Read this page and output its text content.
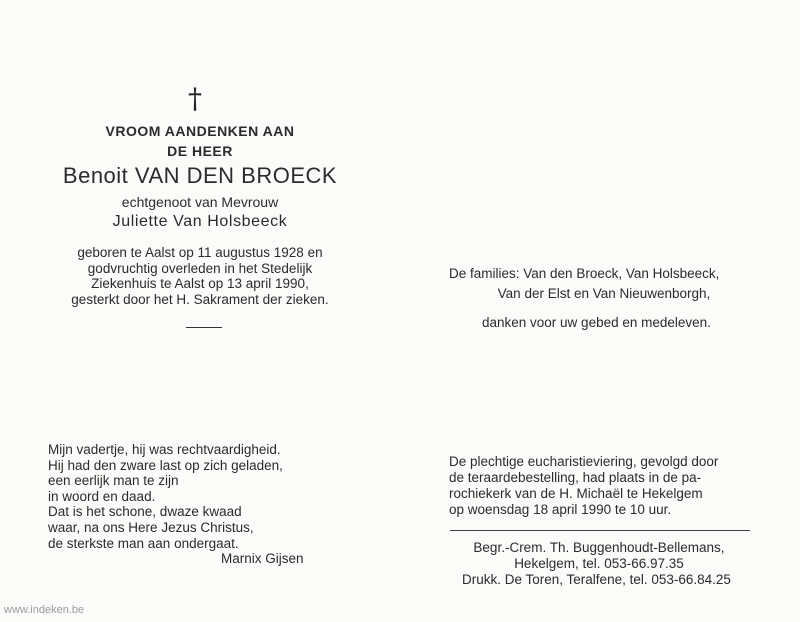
†
VROOM AANDENKEN AAN
DE HEER
Benoit VAN DEN BROECK
echtgenoot van Mevrouw
Juliette Van Holsbeeck
geboren te Aalst op 11 augustus 1928 en
godvruchtig overleden in het Stedelijk
Ziekenhuis te Aalst op 13 april 1990,
gesterkt door het H. Sakrament der zieken.
De families: Van den Broeck, Van Holsbeeck,
Van der Elst en Van Nieuwenborgh,
danken voor uw gebed en medeleven.
Mijn vadertje, hij was rechtvaardigheid.
Hij had den zware last op zich geladen,
een eerlijk man te zijn
in woord en daad.
Dat is het schone, dwaze kwaad
waar, na ons Here Jezus Christus,
de sterkste man aan ondergaat.
Marnix Gijsen
De plechtige eucharistieviering, gevolgd door
de teraardebestelling, had plaats in de pa-
rochiekerk van de H. Michaël te Hekelgem
op woensdag 18 april 1990 te 10 uur.
Begr.-Crem. Th. Buggenhoudt-Bellemans,
Hekelgem, tel. 053-66.97.35
Drukk. De Toren, Teralfene, tel. 053-66.84.25
www.indeken.be
